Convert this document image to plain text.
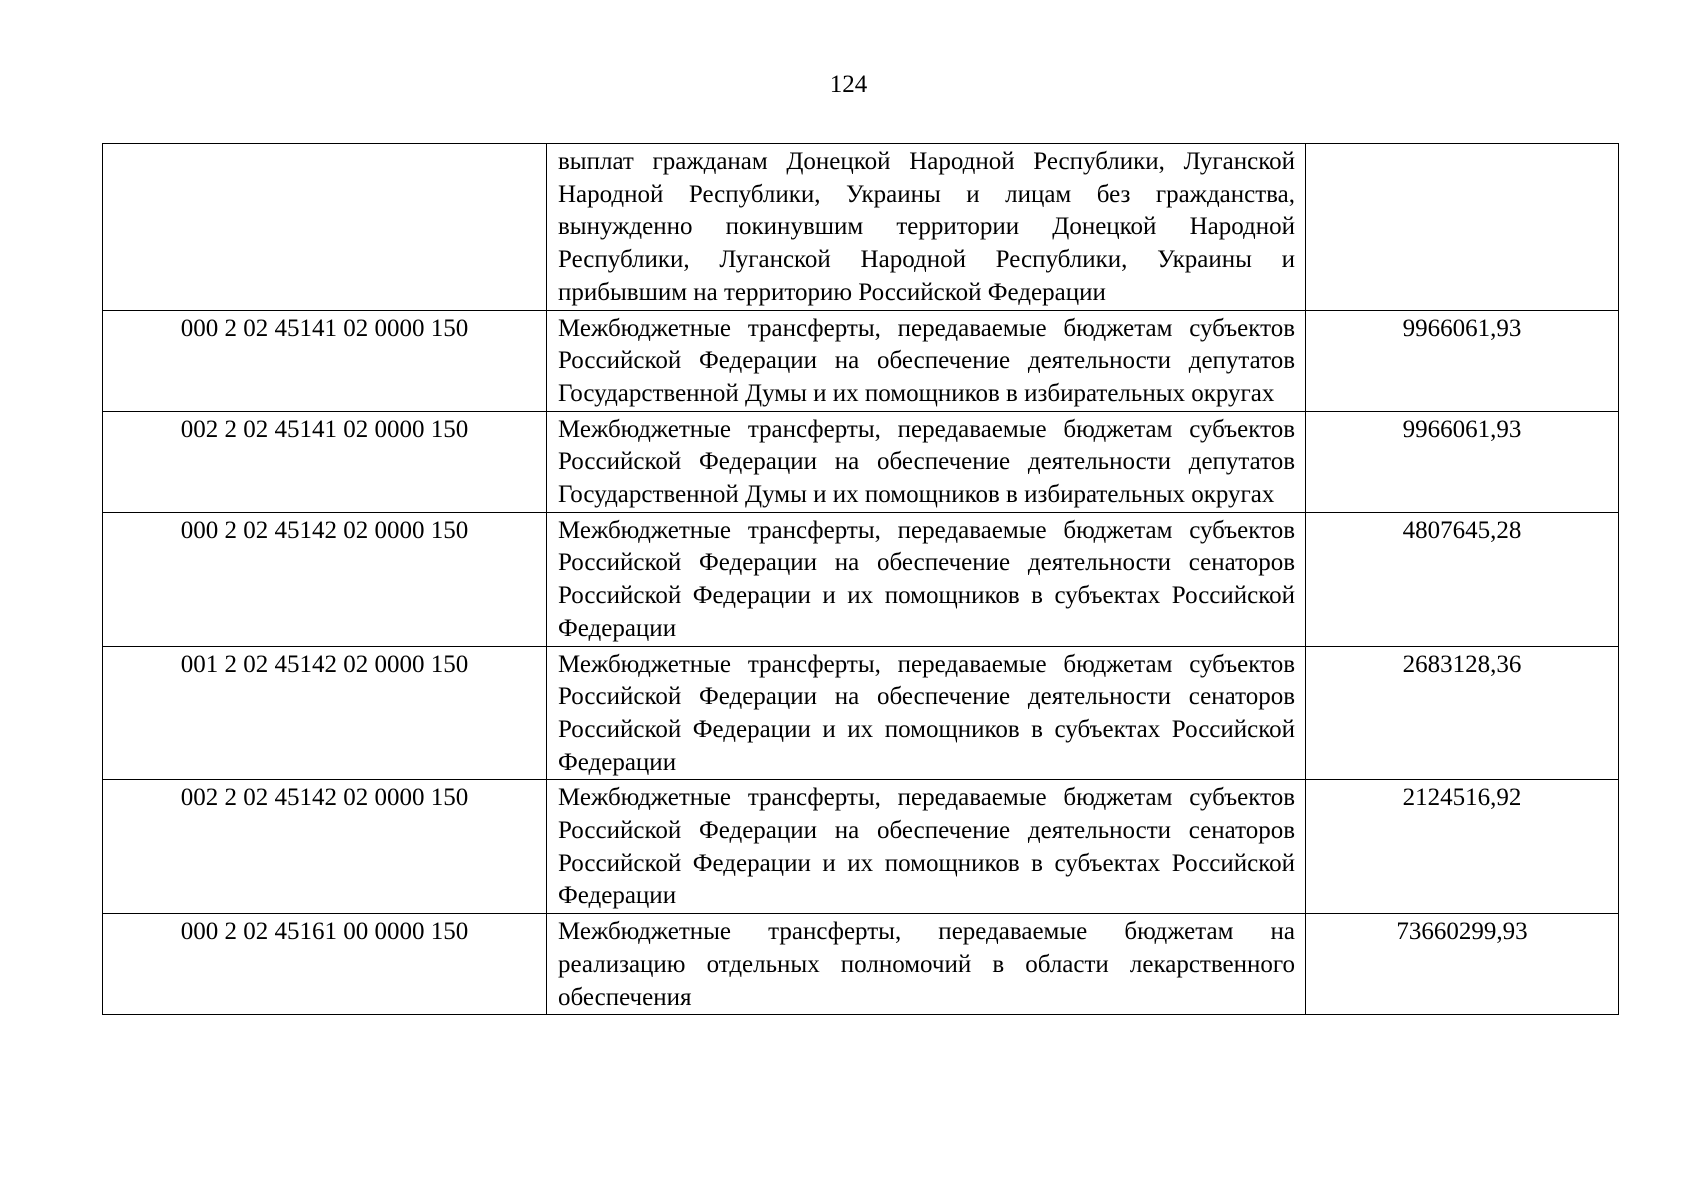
124
	выплат гражданам Донецкой Народной Республики, Луганской Народной Республики, Украины и лицам без гражданства, вынужденно покинувшим территории Донецкой Народной Республики, Луганской Народной Республики, Украины и прибывшим на территорию Российской Федерации	
000 2 02 45141 02 0000 150	Межбюджетные трансферты, передаваемые бюджетам субъектов Российской Федерации на обеспечение деятельности депутатов Государственной Думы и их помощников в избирательных округах	9966061,93
002 2 02 45141 02 0000 150	Межбюджетные трансферты, передаваемые бюджетам субъектов Российской Федерации на обеспечение деятельности депутатов Государственной Думы и их помощников в избирательных округах	9966061,93
000 2 02 45142 02 0000 150	Межбюджетные трансферты, передаваемые бюджетам субъектов Российской Федерации на обеспечение деятельности сенаторов Российской Федерации и их помощников в субъектах Российской Федерации	4807645,28
001 2 02 45142 02 0000 150	Межбюджетные трансферты, передаваемые бюджетам субъектов Российской Федерации на обеспечение деятельности сенаторов Российской Федерации и их помощников в субъектах Российской Федерации	2683128,36
002 2 02 45142 02 0000 150	Межбюджетные трансферты, передаваемые бюджетам субъектов Российской Федерации на обеспечение деятельности сенаторов Российской Федерации и их помощников в субъектах Российской Федерации	2124516,92
000 2 02 45161 00 0000 150	Межбюджетные трансферты, передаваемые бюджетам на реализацию отдельных полномочий в области лекарственного обеспечения	73660299,93
